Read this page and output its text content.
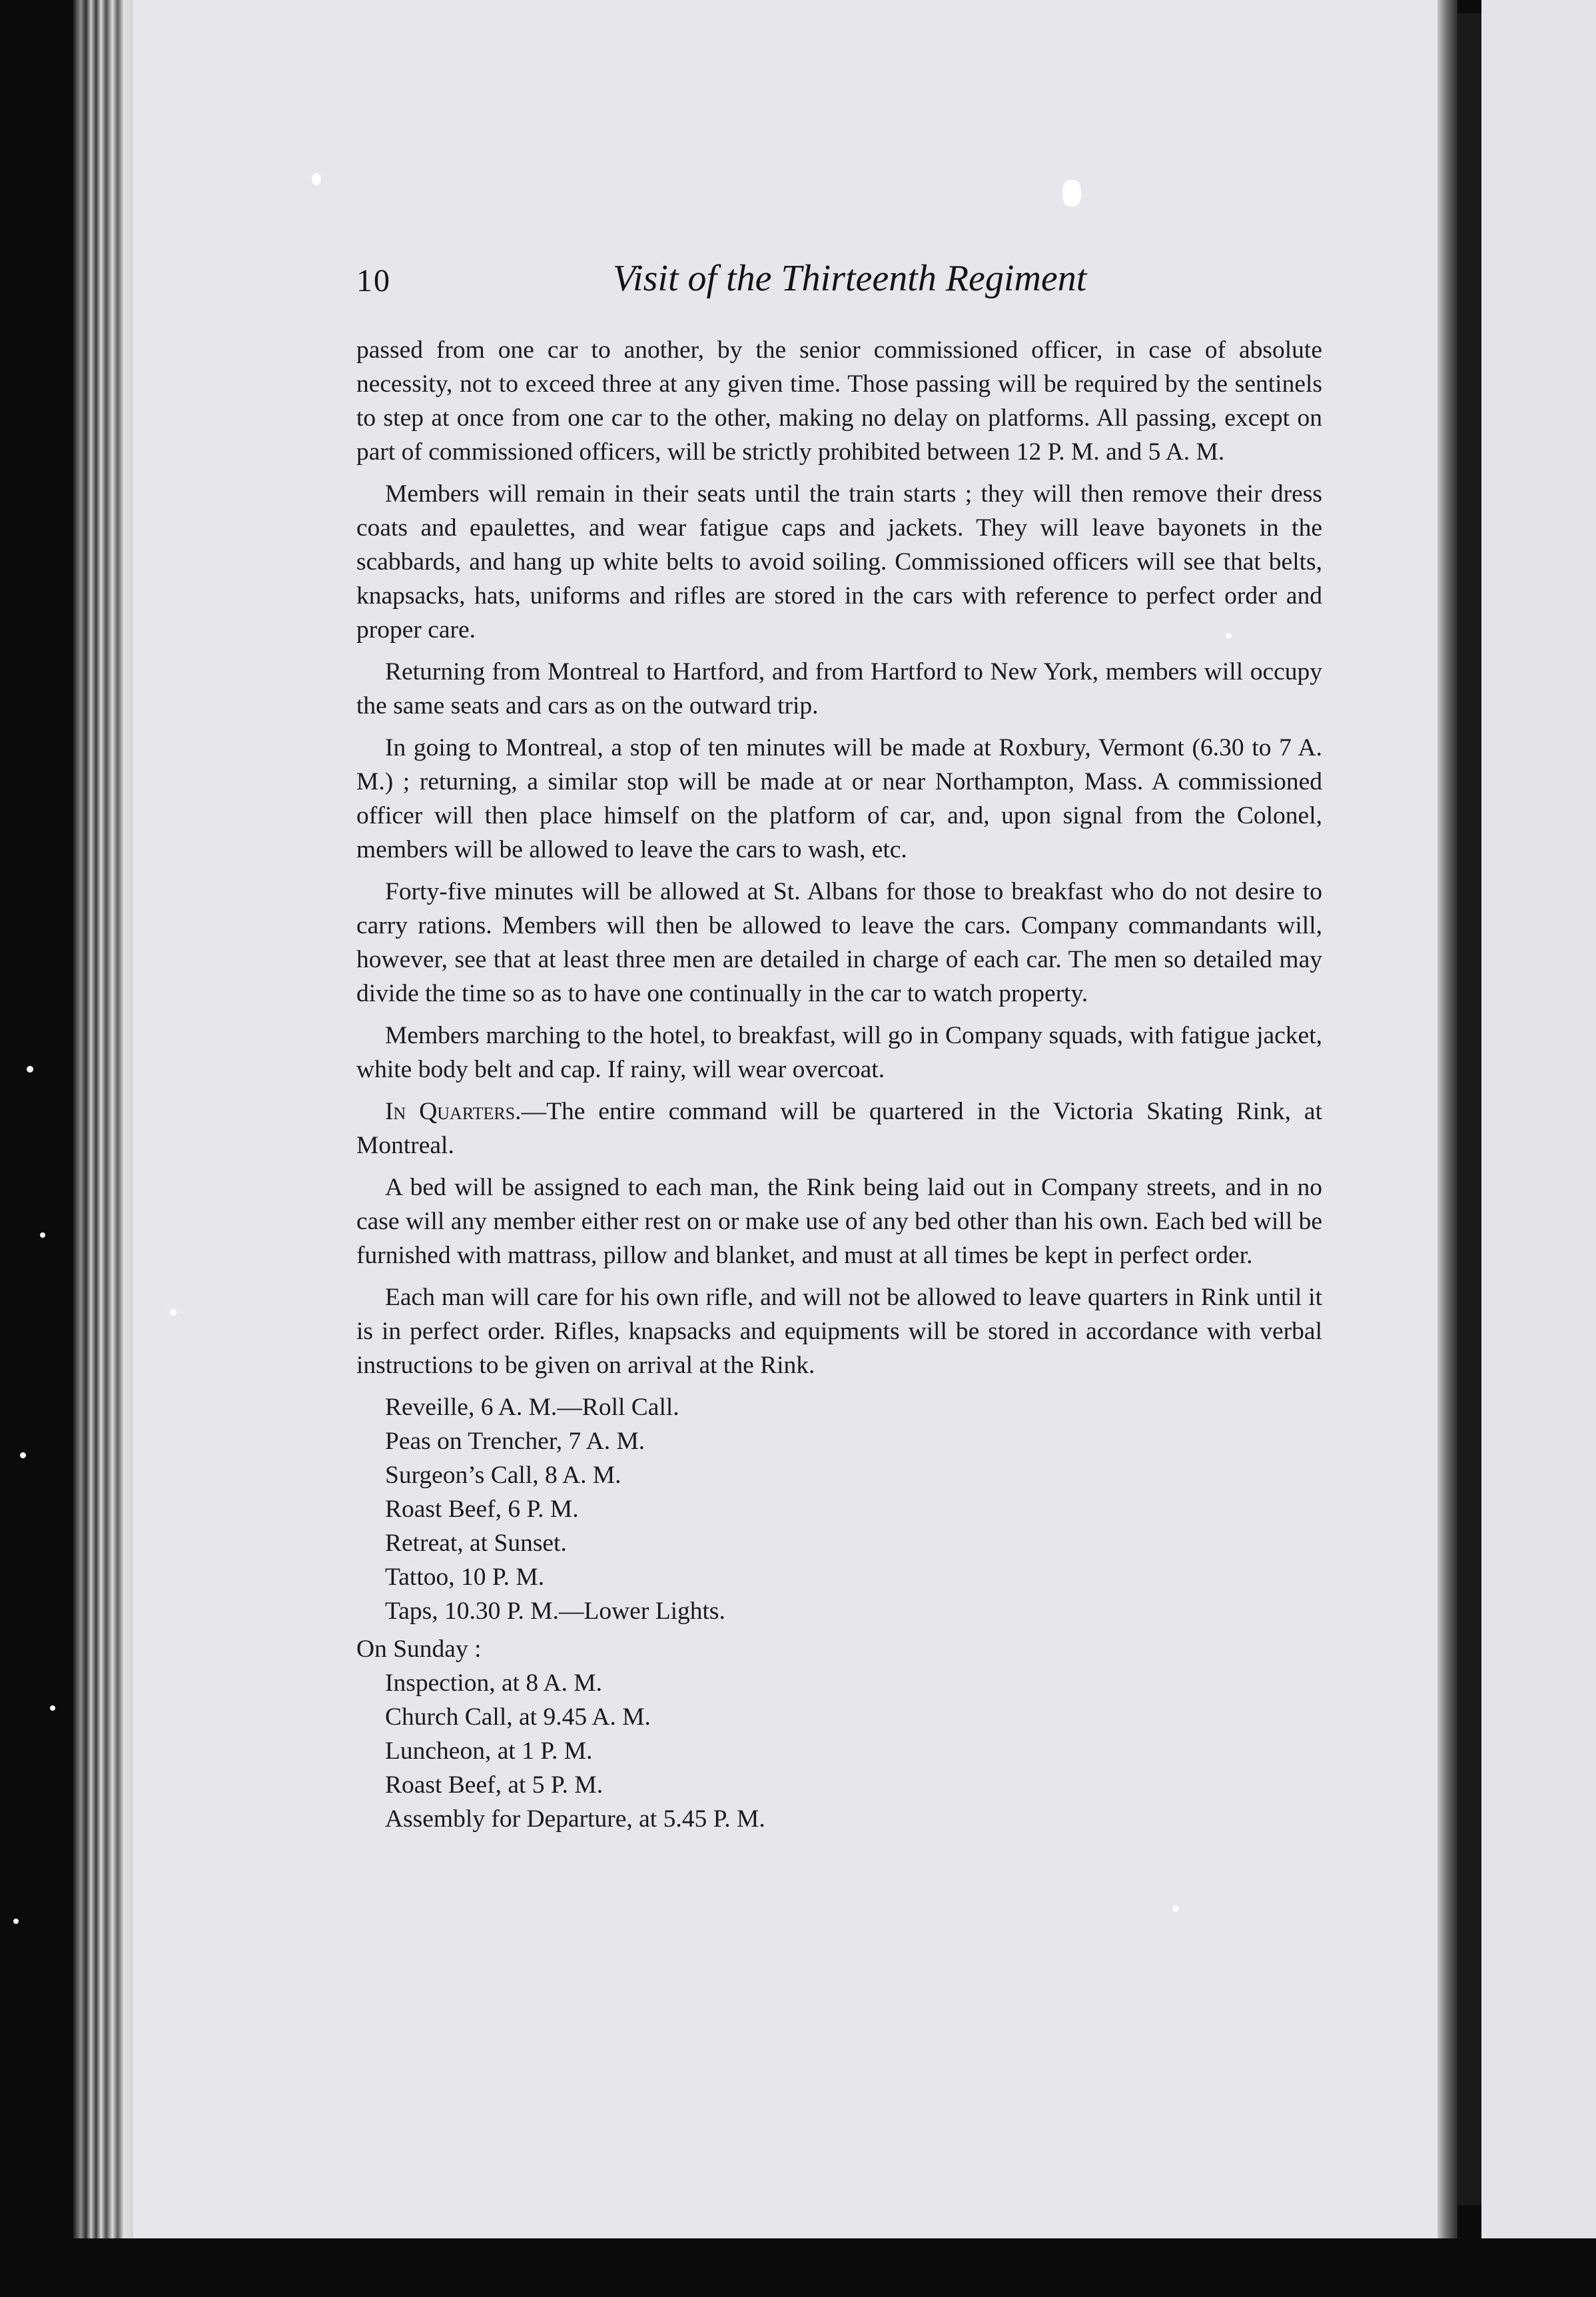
10	Visit of the Thirteenth Regiment

passed from one car to another, by the senior commissioned officer, in case of absolute necessity, not to exceed three at any given time. Those passing will be required by the sentinels to step at once from one car to the other, making no delay on platforms. All passing, except on part of commissioned officers, will be strictly prohibited between 12 P. M. and 5 A. M.

Members will remain in their seats until the train starts ; they will then remove their dress coats and epaulettes, and wear fatigue caps and jackets. They will leave bayonets in the scabbards, and hang up white belts to avoid soiling. Commissioned officers will see that belts, knapsacks, hats, uniforms and rifles are stored in the cars with reference to perfect order and proper care.

Returning from Montreal to Hartford, and from Hartford to New York, members will occupy the same seats and cars as on the outward trip.

In going to Montreal, a stop of ten minutes will be made at Roxbury, Vermont (6.30 to 7 A. M.) ; returning, a similar stop will be made at or near Northampton, Mass. A commissioned officer will then place himself on the platform of car, and, upon signal from the Colonel, members will be allowed to leave the cars to wash, etc.

Forty-five minutes will be allowed at St. Albans for those to breakfast who do not desire to carry rations. Members will then be allowed to leave the cars. Company commandants will, however, see that at least three men are detailed in charge of each car. The men so detailed may divide the time so as to have one continually in the car to watch property.

Members marching to the hotel, to breakfast, will go in Company squads, with fatigue jacket, white body belt and cap. If rainy, will wear overcoat.

In Quarters.—The entire command will be quartered in the Victoria Skating Rink, at Montreal.

A bed will be assigned to each man, the Rink being laid out in Company streets, and in no case will any member either rest on or make use of any bed other than his own. Each bed will be furnished with mattrass, pillow and blanket, and must at all times be kept in perfect order.

Each man will care for his own rifle, and will not be allowed to leave quarters in Rink until it is in perfect order. Rifles, knapsacks and equipments will be stored in accordance with verbal instructions to be given on arrival at the Rink.

Reveille, 6 A. M.—Roll Call.

Peas on Trencher, 7 A. M.

Surgeon’s Call, 8 A. M.

Roast Beef, 6 P. M.

Retreat, at Sunset.

Tattoo, 10 P. M.

Taps, 10.30 P. M.—Lower Lights.

On Sunday :

Inspection, at 8 A. M.

Church Call, at 9.45 A. M.

Luncheon, at 1 P. M.

Roast Beef, at 5 P. M.

Assembly for Departure, at 5.45 P. M.
